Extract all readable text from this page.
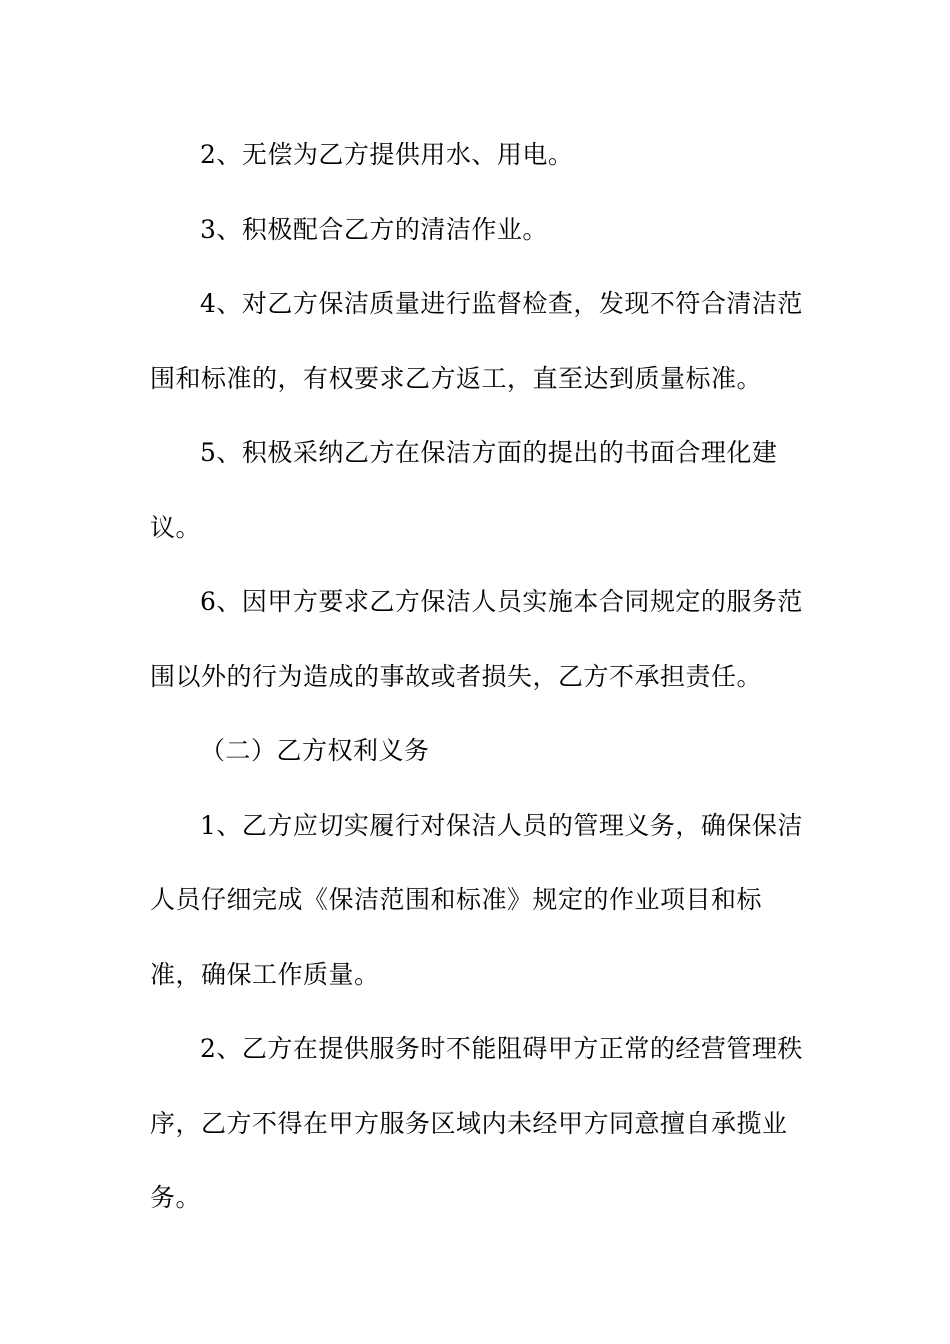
2、无偿为乙方提供用水、用电。

3、积极配合乙方的清洁作业。

4、对乙方保洁质量进行监督检查，发现不符合清洁范
围和标准的，有权要求乙方返工，直至达到质量标准。

5、积极采纳乙方在保洁方面的提出的书面合理化建
议。

6、因甲方要求乙方保洁人员实施本合同规定的服务范
围以外的行为造成的事故或者损失，乙方不承担责任。

（二）乙方权利义务

1、乙方应切实履行对保洁人员的管理义务，确保保洁
人员仔细完成《保洁范围和标准》规定的作业项目和标
准，确保工作质量。

2、乙方在提供服务时不能阻碍甲方正常的经营管理秩
序，乙方不得在甲方服务区域内未经甲方同意擅自承揽业
务。
